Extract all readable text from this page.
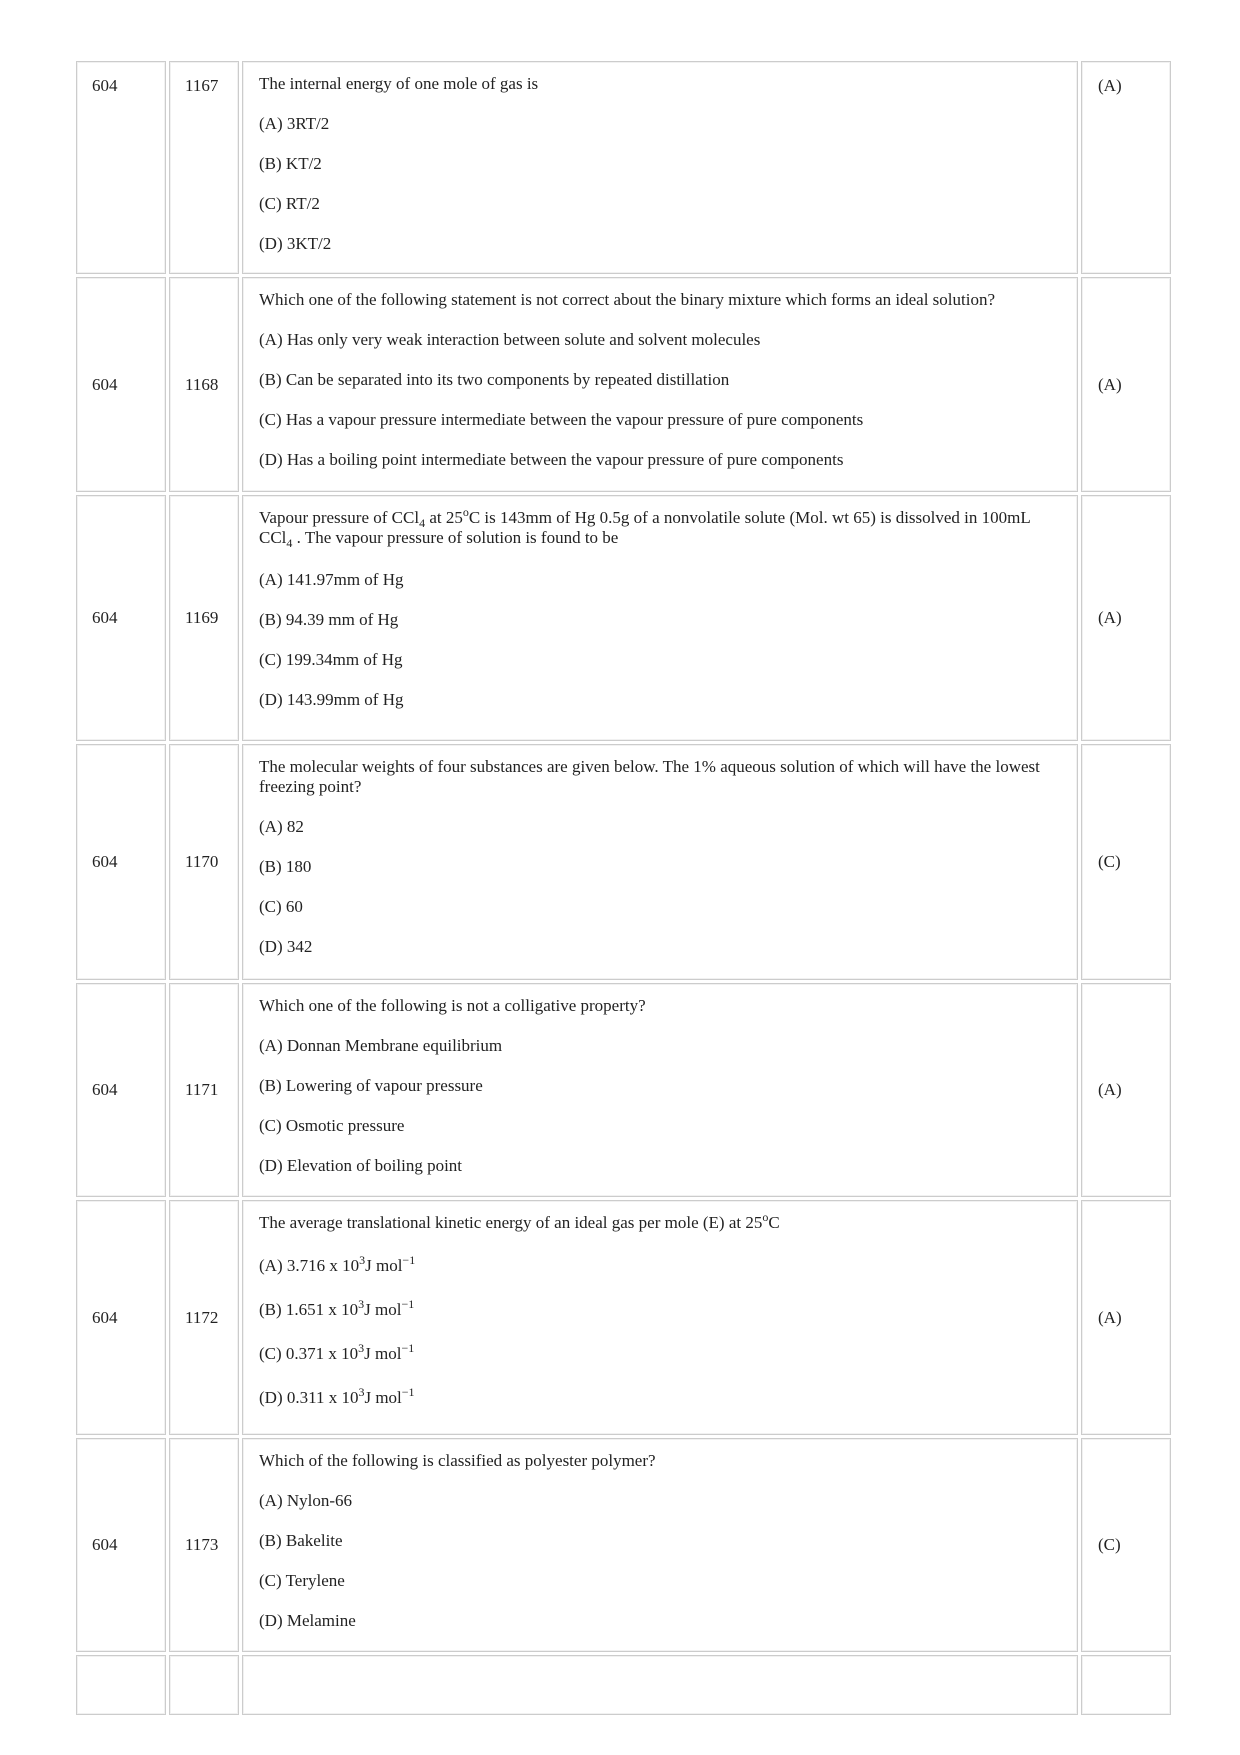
604	1167	The internal energy of one mole of gas is
(A) 3RT/2
(B) KT/2
(C) RT/2
(D) 3KT/2	(A)
604	1168	Which one of the following statement is not correct about the binary mixture which forms an ideal solution?
(A) Has only very weak interaction between solute and solvent molecules
(B) Can be separated into its two components by repeated distillation
(C) Has a vapour pressure intermediate between the vapour pressure of pure components
(D) Has a boiling point intermediate between the vapour pressure of pure components	(A)
604	1169	Vapour pressure of CCl$_4$ at 25$^o$C is 143mm of Hg 0.5g of a nonvolatile solute (Mol. wt 65) is dissolved in 100mL CCl$_4$ . The vapour pressure of solution is found to be
(A) 141.97mm of Hg
(B) 94.39 mm of Hg
(C) 199.34mm of Hg
(D) 143.99mm of Hg	(A)
604	1170	The molecular weights of four substances are given below. The 1% aqueous solution of which will have the lowest freezing point?
(A) 82
(B) 180
(C) 60
(D) 342	(C)
604	1171	Which one of the following is not a colligative property?
(A) Donnan Membrane equilibrium
(B) Lowering of vapour pressure
(C) Osmotic pressure
(D) Elevation of boiling point	(A)
604	1172	The average translational kinetic energy of an ideal gas per mole (E) at 25$^o$C
(A) 3.716 x $10^3J$ mol$^{-1}$
(B) 1.651 x $10^3J$ mol$^{-1}$
(C) 0.371 x $10^3J$ mol$^{-1}$
(D) 0.311 x $10^3J$ mol$^{-1}$	(A)
604	1173	Which of the following is classified as polyester polymer?
(A) Nylon-66
(B) Bakelite
(C) Terylene
(D) Melamine	(C)
